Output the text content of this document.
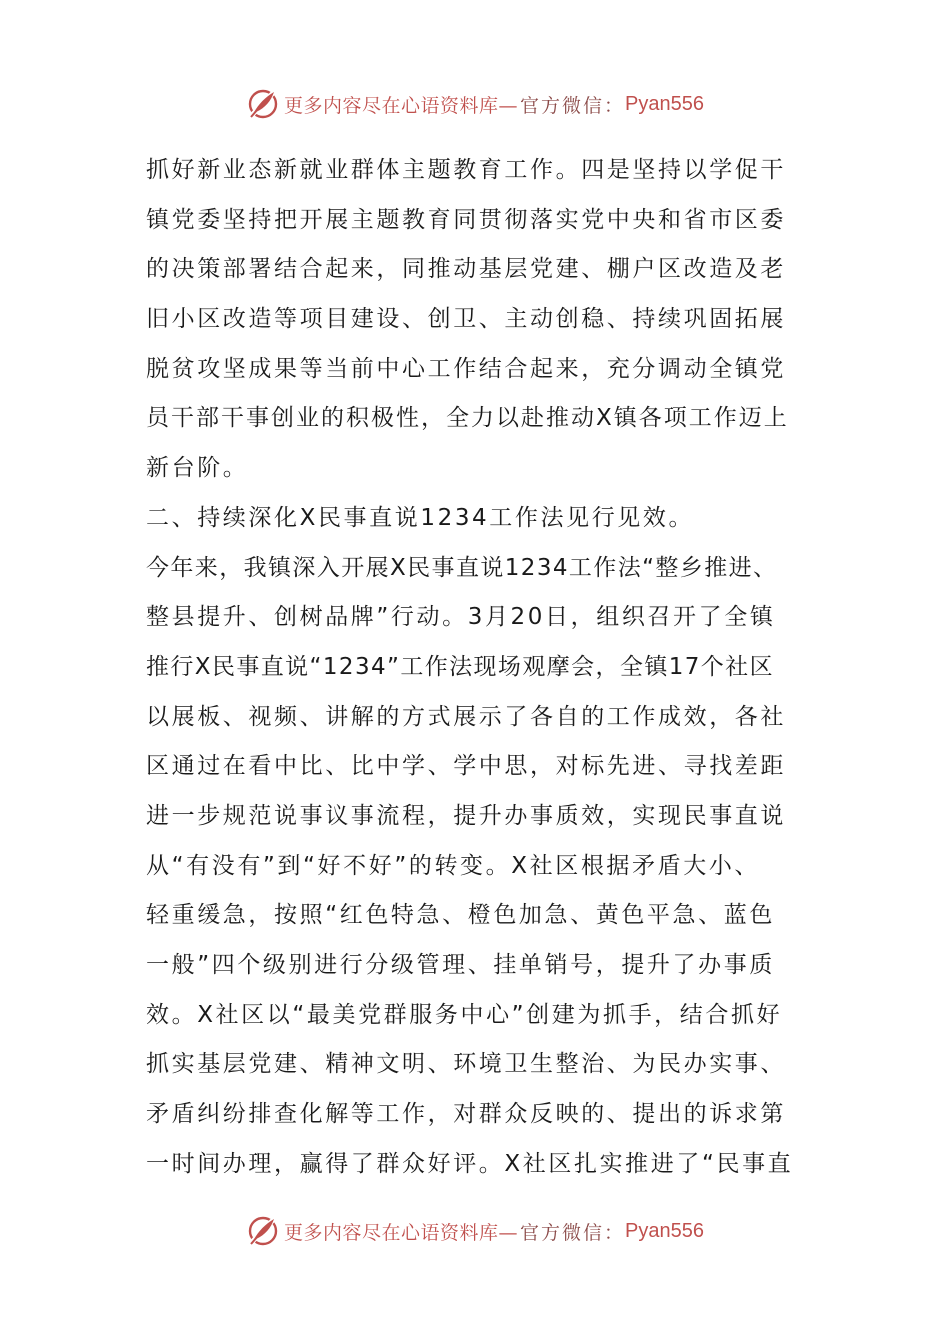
更多内容尽在心语资料库— 官方微信： Pyan556
抓好新业态新就业群体主题教育工作。四是坚持以学促干
镇党委坚持把开展主题教育同贯彻落实党中央和省市区委
的决策部署结合起来，同推动基层党建、棚户区改造及老
旧小区改造等项目建设、创卫、主动创稳、持续巩固拓展
脱贫攻坚成果等当前中心工作结合起来，充分调动全镇党
员干部干事创业的积极性，全力以赴推动X镇各项工作迈上
新台阶。
二、持续深化X民事直说1234工作法见行见效。
今年来，我镇深入开展X民事直说1234工作法“整乡推进、
整县提升、创树品牌”行动。3月20日，组织召开了全镇
推行X民事直说“1234”工作法现场观摩会，全镇17个社区
以展板、视频、讲解的方式展示了各自的工作成效，各社
区通过在看中比、比中学、学中思，对标先进、寻找差距
进一步规范说事议事流程，提升办事质效，实现民事直说
从“有没有”到“好不好”的转变。X社区根据矛盾大小、
轻重缓急，按照“红色特急、橙色加急、黄色平急、蓝色
一般”四个级别进行分级管理、挂单销号，提升了办事质
效。X社区以“最美党群服务中心”创建为抓手，结合抓好
抓实基层党建、精神文明、环境卫生整治、为民办实事、
矛盾纠纷排查化解等工作，对群众反映的、提出的诉求第
一时间办理，赢得了群众好评。X社区扎实推进了“民事直
更多内容尽在心语资料库— 官方微信： Pyan556
